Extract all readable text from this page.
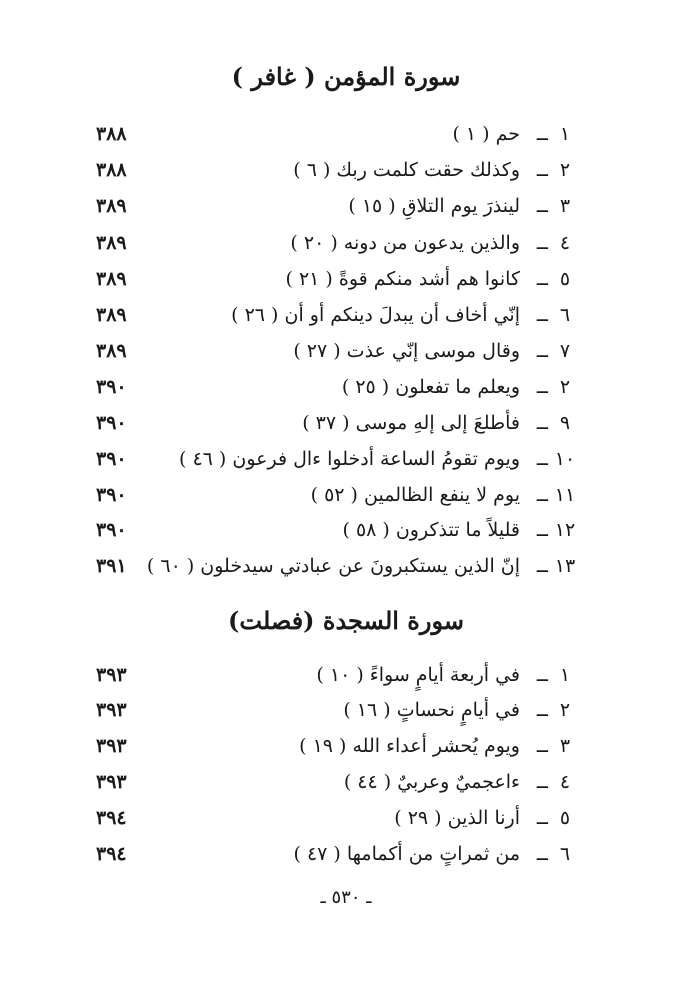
سورة المؤمن ( غافر )
١
ــ
حم ( ١ )
٣٨٨
٢
ــ
وكذلك حقت كلمت ربك ( ٦ )
٣٨٨
٣
ــ
لينذرَ يوم التلاقِ ( ١٥ )
٣٨٩
٤
ــ
والذين يدعون من دونه ( ٢٠ )
٣٨٩
٥
ــ
كانوا هم أشد منكم قوةً ( ٢١ )
٣٨٩
٦
ــ
إنّي أخاف أن يبدلَ دينكم أو أن ( ٢٦ )
٣٨٩
٧
ــ
وقال موسى إنّي عذت ( ٢٧ )
٣٨٩
٢
ــ
ويعلم ما تفعلون ( ٢٥ )
٣٩٠
٩
ــ
فأطلعَ إلى إلهِ موسى ( ٣٧ )
٣٩٠
١٠
ــ
ويوم تقومُ الساعة أدخلوا ءال فرعون ( ٤٦ )
٣٩٠
١١
ــ
يوم لا ينفع الظالمين ( ٥٢ )
٣٩٠
١٢
ــ
قليلاً ما تتذكرون ( ٥٨ )
٣٩٠
١٣
ــ
إنّ الذين يستكبرونَ عن عبادتي سيدخلون ( ٦٠ )
٣٩١
سورة السجدة (فصلت)
١
ــ
في أربعة أيامٍ سواءً ( ١٠ )
٣٩٣
٢
ــ
في أيامٍ نحساتٍ ( ١٦ )
٣٩٣
٣
ــ
ويوم يُحشر أعداء الله ( ١٩ )
٣٩٣
٤
ــ
ءاعجميٌ وعربيٌ ( ٤٤ )
٣٩٣
٥
ــ
أرنا الذين ( ٢٩ )
٣٩٤
٦
ــ
من ثمراتٍ من أكمامها ( ٤٧ )
٣٩٤
ـ ٥٣٠ ـ
